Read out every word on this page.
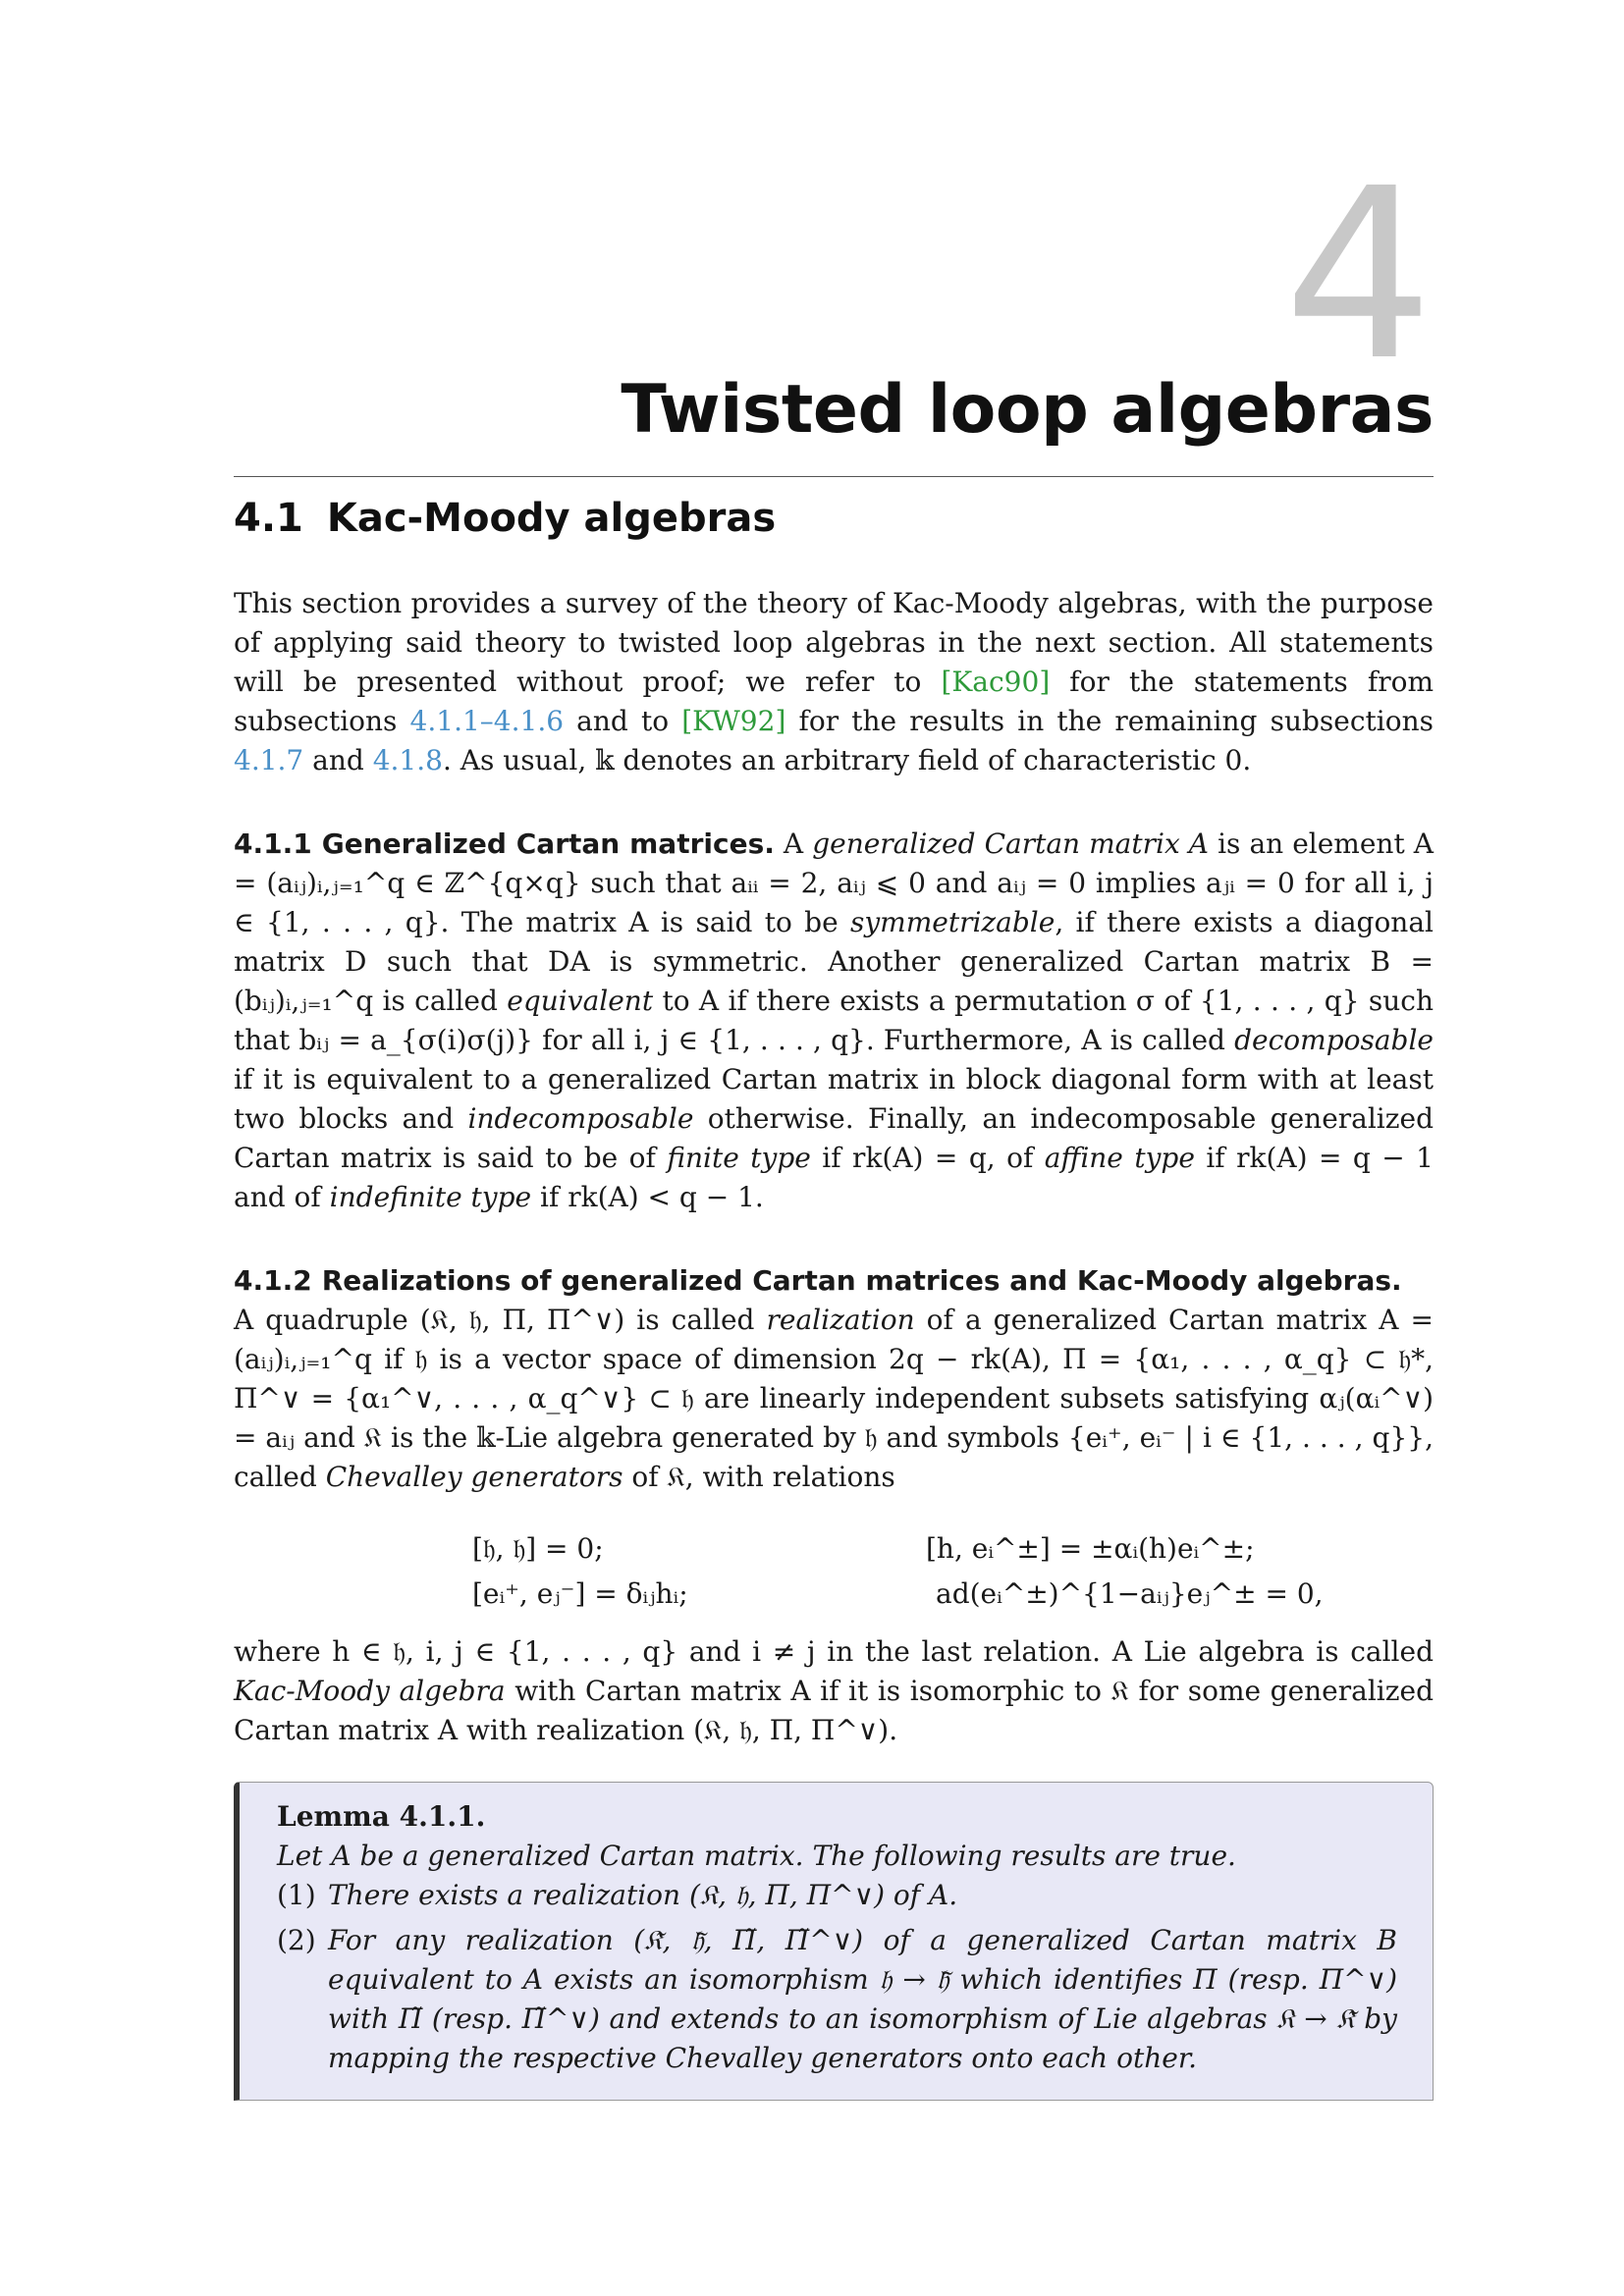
4
Twisted loop algebras
4.1 Kac-Moody algebras
This section provides a survey of the theory of Kac-Moody algebras, with the purpose of applying said theory to twisted loop algebras in the next section. All statements will be presented without proof; we refer to [Kac90] for the statements from subsections 4.1.1–4.1.6 and to [KW92] for the results in the remaining subsections 4.1.7 and 4.1.8. As usual, 𝕜 denotes an arbitrary field of characteristic 0.
4.1.1 Generalized Cartan matrices. A generalized Cartan matrix A is an element A = (aᵢⱼ)ᵢ,ⱼ₌₁^q ∈ ℤ^{q×q} such that aᵢᵢ = 2, aᵢⱼ ⩽ 0 and aᵢⱼ = 0 implies aⱼᵢ = 0 for all i, j ∈ {1, . . . , q}. The matrix A is said to be symmetrizable, if there exists a diagonal matrix D such that DA is symmetric. Another generalized Cartan matrix B = (bᵢⱼ)ᵢ,ⱼ₌₁^q is called equivalent to A if there exists a permutation σ of {1, . . . , q} such that bᵢⱼ = a_{σ(i)σ(j)} for all i, j ∈ {1, . . . , q}. Furthermore, A is called decomposable if it is equivalent to a generalized Cartan matrix in block diagonal form with at least two blocks and indecomposable otherwise. Finally, an indecomposable generalized Cartan matrix is said to be of finite type if rk(A) = q, of affine type if rk(A) = q − 1 and of indefinite type if rk(A) < q − 1.
4.1.2 Realizations of generalized Cartan matrices and Kac-Moody algebras.
A quadruple (𝔎, 𝔥, Π, Π^∨) is called realization of a generalized Cartan matrix A = (aᵢⱼ)ᵢ,ⱼ₌₁^q if 𝔥 is a vector space of dimension 2q − rk(A), Π = {α₁, . . . , α_q} ⊂ 𝔥*, Π^∨ = {α₁^∨, . . . , α_q^∨} ⊂ 𝔥 are linearly independent subsets satisfying αⱼ(αᵢ^∨) = aᵢⱼ and 𝔎 is the 𝕜-Lie algebra generated by 𝔥 and symbols {eᵢ⁺, eᵢ⁻ | i ∈ {1, . . . , q}}, called Chevalley generators of 𝔎, with relations
[𝔥, 𝔥] = 0;	[h, eᵢ^±] = ±αᵢ(h)eᵢ^±;
[eᵢ⁺, eⱼ⁻] = δᵢⱼhᵢ;	ad(eᵢ^±)^{1−aᵢⱼ}eⱼ^± = 0,
where h ∈ 𝔥, i, j ∈ {1, . . . , q} and i ≠ j in the last relation. A Lie algebra is called Kac-Moody algebra with Cartan matrix A if it is isomorphic to 𝔎 for some generalized Cartan matrix A with realization (𝔎, 𝔥, Π, Π^∨).
Lemma 4.1.1.
Let A be a generalized Cartan matrix. The following results are true.
(1) There exists a realization (𝔎, 𝔥, Π, Π^∨) of A.
(2) For any realization (𝔎̃, 𝔥̃, Π̃, Π̃^∨) of a generalized Cartan matrix B equivalent to A exists an isomorphism 𝔥 → 𝔥̃ which identifies Π (resp. Π^∨) with Π̃ (resp. Π̃^∨) and extends to an isomorphism of Lie algebras 𝔎 → 𝔎̃ by mapping the respective Chevalley generators onto each other.
